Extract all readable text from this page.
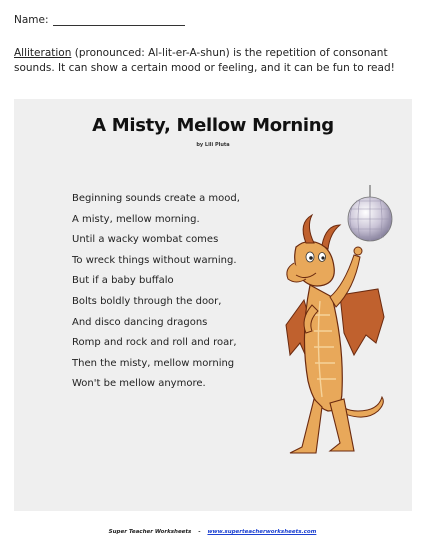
Name:
Alliteration (pronounced: Al-lit-er-A-shun) is the repetition of consonant sounds. It can show a certain mood or feeling, and it can be fun to read!
A Misty, Mellow Morning
by Lili Pluta
Beginning sounds create a mood,
A misty, mellow morning.
Until a wacky wombat comes
To wreck things without warning.
But if a baby buffalo
Bolts boldly through the door,
And disco dancing dragons
Romp and rock and roll and roar,
Then the misty, mellow morning
Won't be mellow anymore.
Super Teacher Worksheets - www.superteacherworksheets.com
